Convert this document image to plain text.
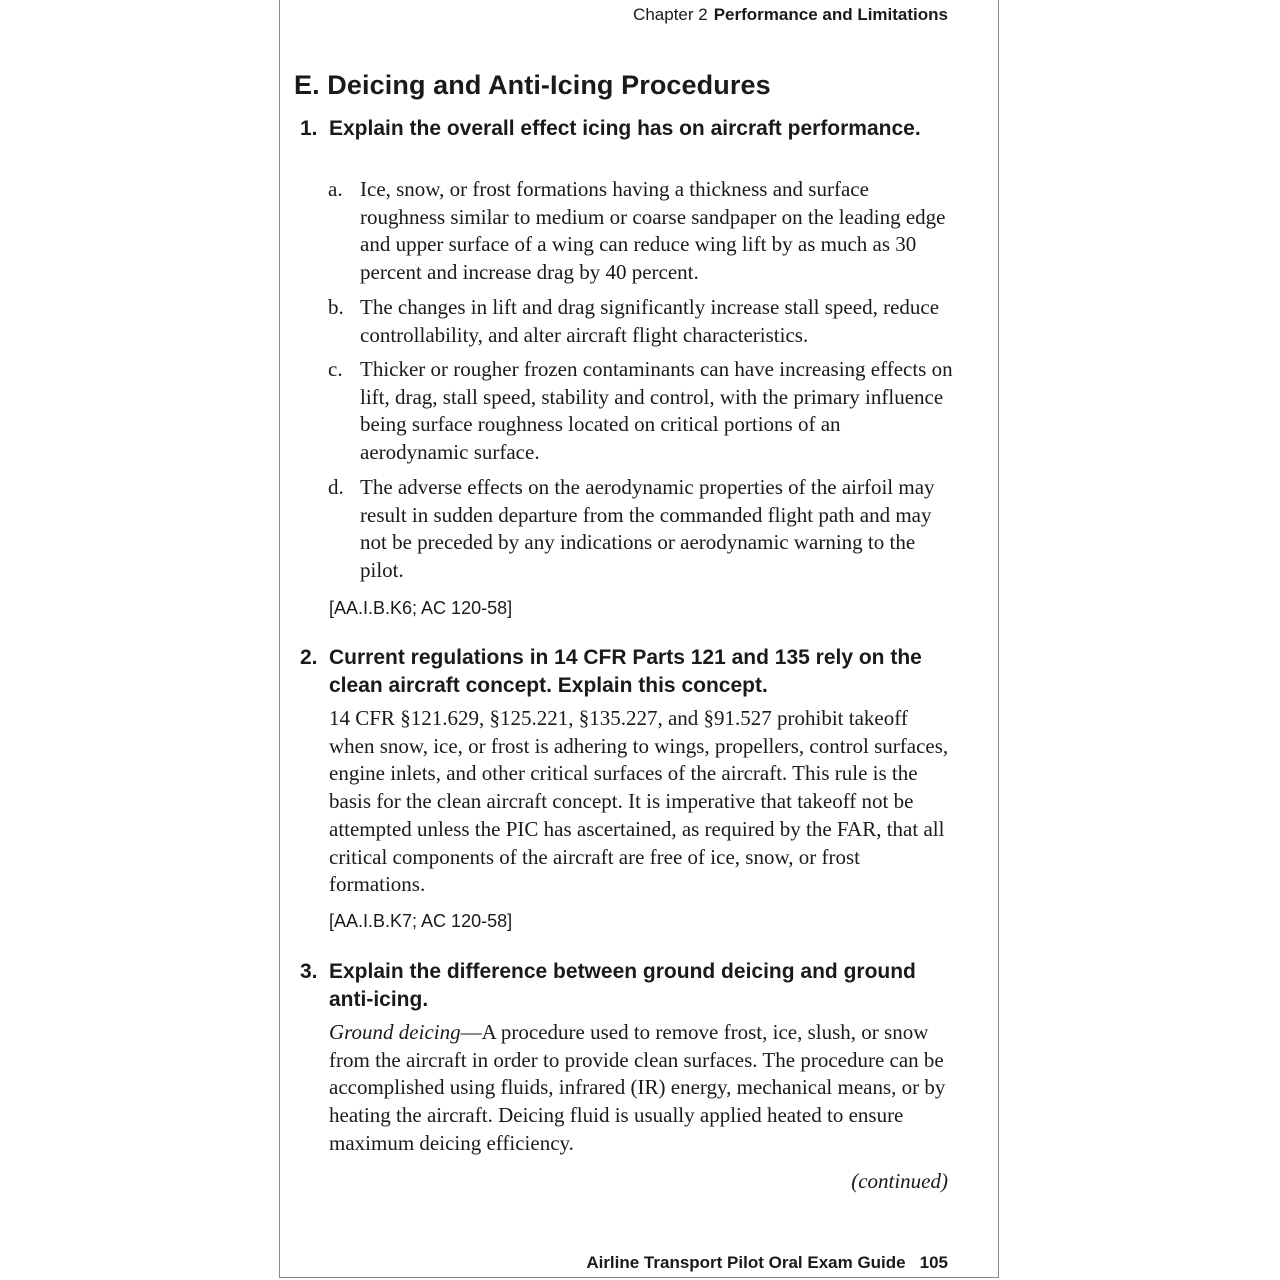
Chapter 2 Performance and Limitations
E. Deicing and Anti-Icing Procedures
1. Explain the overall effect icing has on aircraft performance.
a. Ice, snow, or frost formations having a thickness and surface roughness similar to medium or coarse sandpaper on the leading edge and upper surface of a wing can reduce wing lift by as much as 30 percent and increase drag by 40 percent.
b. The changes in lift and drag significantly increase stall speed, reduce controllability, and alter aircraft flight characteristics.
c. Thicker or rougher frozen contaminants can have increasing effects on lift, drag, stall speed, stability and control, with the primary influence being surface roughness located on critical portions of an aerodynamic surface.
d. The adverse effects on the aerodynamic properties of the airfoil may result in sudden departure from the commanded flight path and may not be preceded by any indications or aerodynamic warning to the pilot.
[AA.I.B.K6; AC 120-58]
2. Current regulations in 14 CFR Parts 121 and 135 rely on the clean aircraft concept. Explain this concept.
14 CFR §121.629, §125.221, §135.227, and §91.527 prohibit takeoff when snow, ice, or frost is adhering to wings, propellers, control surfaces, engine inlets, and other critical surfaces of the aircraft. This rule is the basis for the clean aircraft concept. It is imperative that takeoff not be attempted unless the PIC has ascertained, as required by the FAR, that all critical components of the aircraft are free of ice, snow, or frost formations.
[AA.I.B.K7; AC 120-58]
3. Explain the difference between ground deicing and ground anti-icing.
Ground deicing—A procedure used to remove frost, ice, slush, or snow from the aircraft in order to provide clean surfaces. The procedure can be accomplished using fluids, infrared (IR) energy, mechanical means, or by heating the aircraft. Deicing fluid is usually applied heated to ensure maximum deicing efficiency.
(continued)
Airline Transport Pilot Oral Exam Guide 105
